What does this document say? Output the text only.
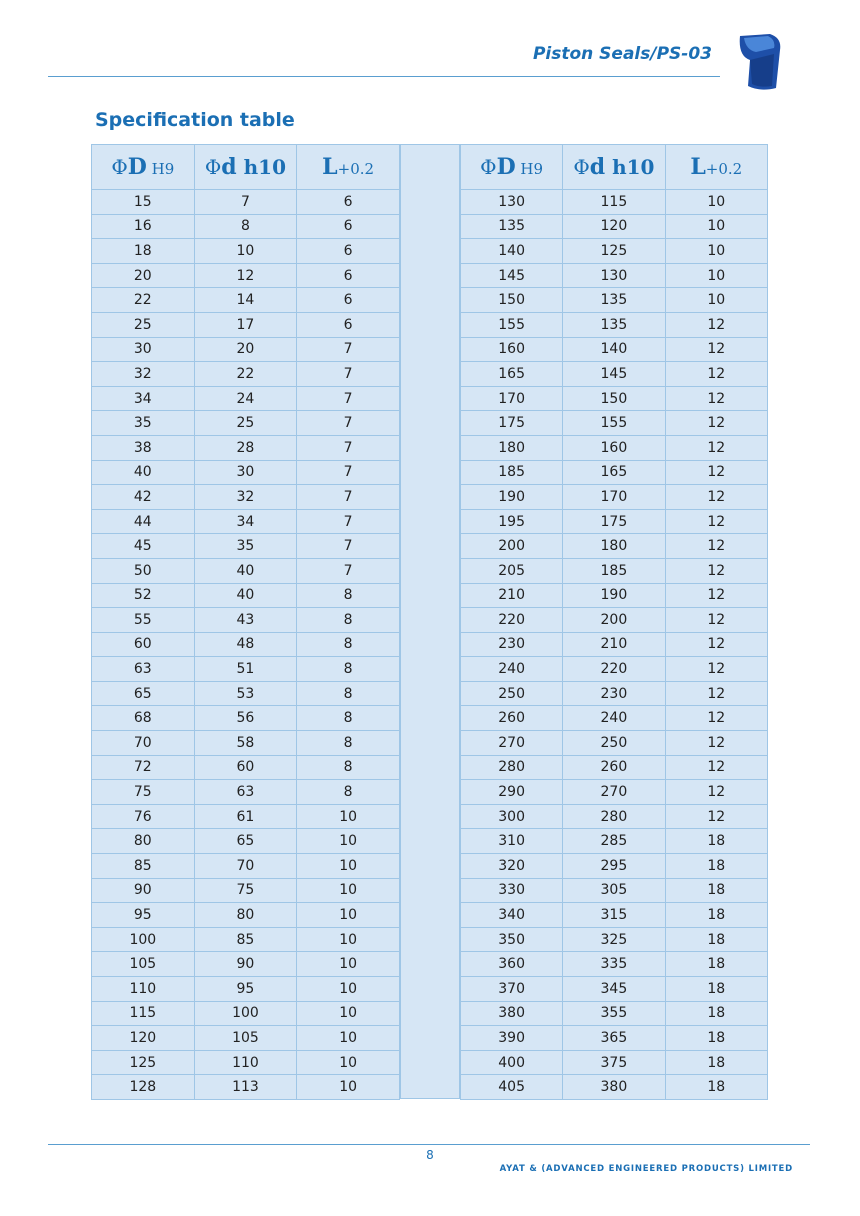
Piston Seals/PS-03
Specification table
ΦD H9	Φd h10	L+0.2
15	7	6
16	8	6
18	10	6
20	12	6
22	14	6
25	17	6
30	20	7
32	22	7
34	24	7
35	25	7
38	28	7
40	30	7
42	32	7
44	34	7
45	35	7
50	40	7
52	40	8
55	43	8
60	48	8
63	51	8
65	53	8
68	56	8
70	58	8
72	60	8
75	63	8
76	61	10
80	65	10
85	70	10
90	75	10
95	80	10
100	85	10
105	90	10
110	95	10
115	100	10
120	105	10
125	110	10
128	113	10
ΦD H9	Φd h10	L+0.2
130	115	10
135	120	10
140	125	10
145	130	10
150	135	10
155	135	12
160	140	12
165	145	12
170	150	12
175	155	12
180	160	12
185	165	12
190	170	12
195	175	12
200	180	12
205	185	12
210	190	12
220	200	12
230	210	12
240	220	12
250	230	12
260	240	12
270	250	12
280	260	12
290	270	12
300	280	12
310	285	18
320	295	18
330	305	18
340	315	18
350	325	18
360	335	18
370	345	18
380	355	18
390	365	18
400	375	18
405	380	18
8
AYAT & (ADVANCED ENGINEERED PRODUCTS) LIMITED
